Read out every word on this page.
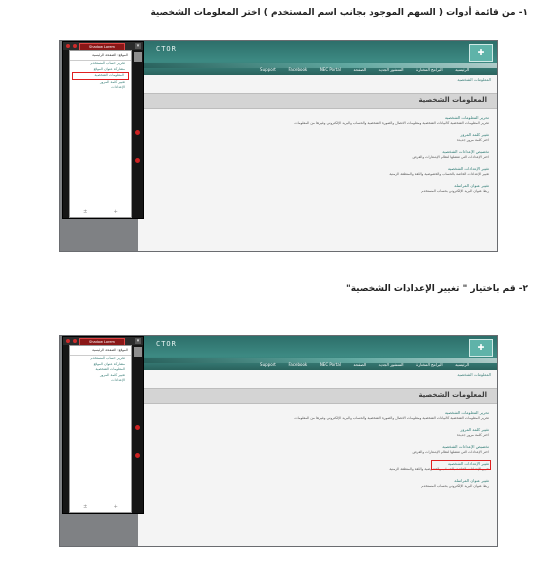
١- من قائمة أدوات ( السهم الموجود بجانب اسم المستخدم ) اختر المعلومات الشخصية
٢- قم باختيار " تغيير الإعدادات الشخصية"
CTOR	✚
الرئيسية
البرامج المختارة
المنشور الجديد
الصفحة
NEC Portal
Facebook
Support
المعلومات الشخصية
المعلومات الشخصية
تحرير المعلومات الشخصية
تحرير المعلومات الشخصية كالبيانات الشخصية ومعلومات الاتصال والصورة الشخصية والحساب والبريد الإلكتروني وغيرها من المعلومات
تغيير كلمة المرور
اختر كلمة مرور جديدة
تخصيص الإعدادات الشخصية
اختر الإعدادات التي تفضلها لنظام الإشعارات والعرض
تغيير الإعدادات الشخصية
تغيير الإعدادات الخاصة بالحساب والخصوصية واللغة والمنطقة الزمنية
تغيير عنوان المراسلة
ربط عنوان البريد الإلكتروني بحساب المستخدم
Shadow Lorem	▾
الموقع: الصفحة الرئيسية
تحرير حساب المستخدم
مشاركة عنوان الموقع
المعلومات الشخصية
تغيير كلمة المرور
الإعدادات
+
±
CTOR	✚
الرئيسية
البرامج المختارة
المنشور الجديد
الصفحة
NEC Portal
Facebook
Support
المعلومات الشخصية
المعلومات الشخصية
تحرير المعلومات الشخصية
تحرير المعلومات الشخصية كالبيانات الشخصية ومعلومات الاتصال والصورة الشخصية والحساب والبريد الإلكتروني وغيرها من المعلومات
تغيير كلمة المرور
اختر كلمة مرور جديدة
تخصيص الإعدادات الشخصية
اختر الإعدادات التي تفضلها لنظام الإشعارات والعرض
تغيير الإعدادات الشخصية
تغيير الإعدادات الخاصة بالحساب والخصوصية واللغة والمنطقة الزمنية
تغيير عنوان المراسلة
ربط عنوان البريد الإلكتروني بحساب المستخدم
Shadow Lorem	▾
الموقع: الصفحة الرئيسية
تحرير حساب المستخدم
مشاركة عنوان الموقع
المعلومات الشخصية
تغيير كلمة المرور
الإعدادات
+
±
